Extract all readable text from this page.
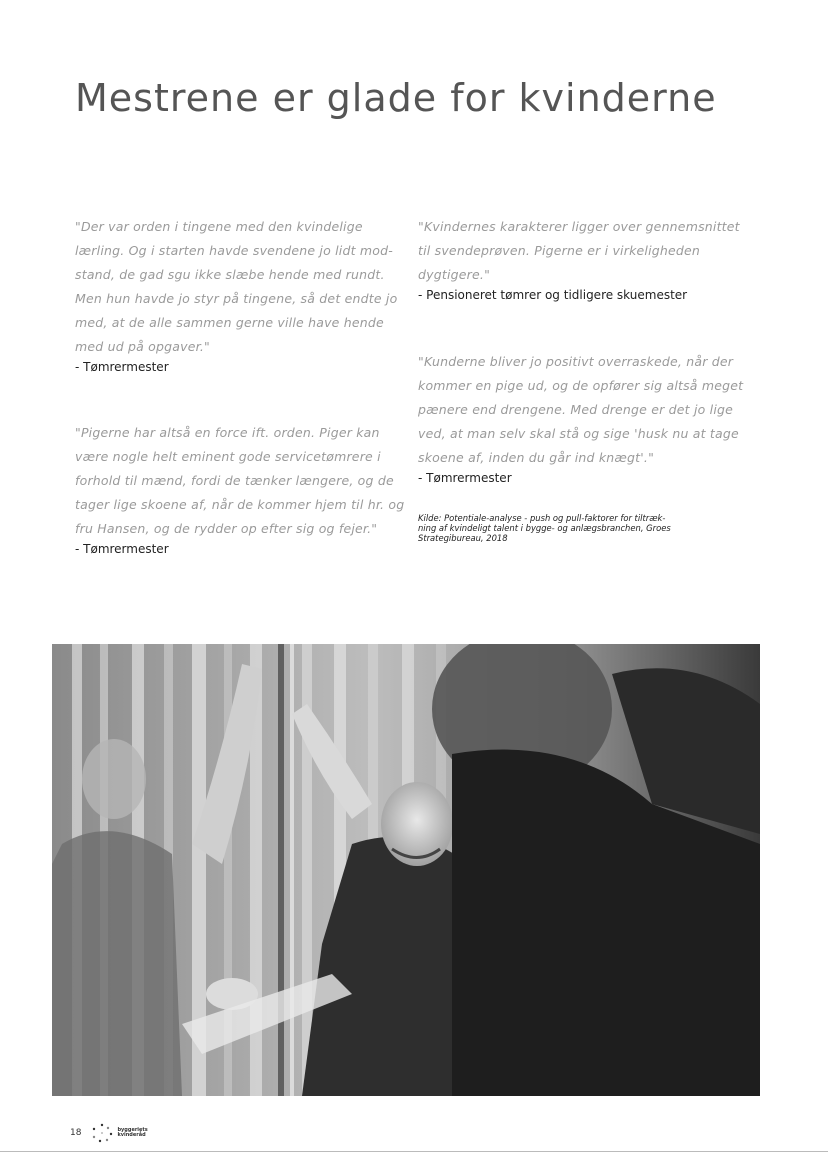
Mestrene er glade for kvinderne

"Der var orden i tingene med den kvindelige
lærling. Og i starten havde svendene jo lidt mod-
stand, de gad sgu ikke slæbe hende med rundt.
Men hun havde jo styr på tingene, så det endte jo
med, at de alle sammen gerne ville have hende
med ud på opgaver."

- Tømrermester

"Pigerne har altså en force ift. orden. Piger kan
være nogle helt eminent gode servicetømrere i
forhold til mænd, fordi de tænker længere, og de
tager lige skoene af, når de kommer hjem til hr. og
fru Hansen, og de rydder op efter sig og fejer."

- Tømrermester

"Kvindernes karakterer ligger over gennemsnittet
til svendeprøven. Pigerne er i virkeligheden
dygtigere."

- Pensioneret tømrer og tidligere skuemester

"Kunderne bliver jo positivt overraskede, når der
kommer en pige ud, og de opfører sig altså meget
pænere end drengene. Med drenge er det jo lige
ved, at man selv skal stå og sige 'husk nu at tage
skoene af, inden du går ind knægt'."

- Tømrermester

Kilde: Potentiale-analyse - push og pull-faktorer for tiltræk-
ning af kvindeligt talent i bygge- og anlægsbranchen, Groes
Strategibureau, 2018

18	byggeriets
kvinderåd
